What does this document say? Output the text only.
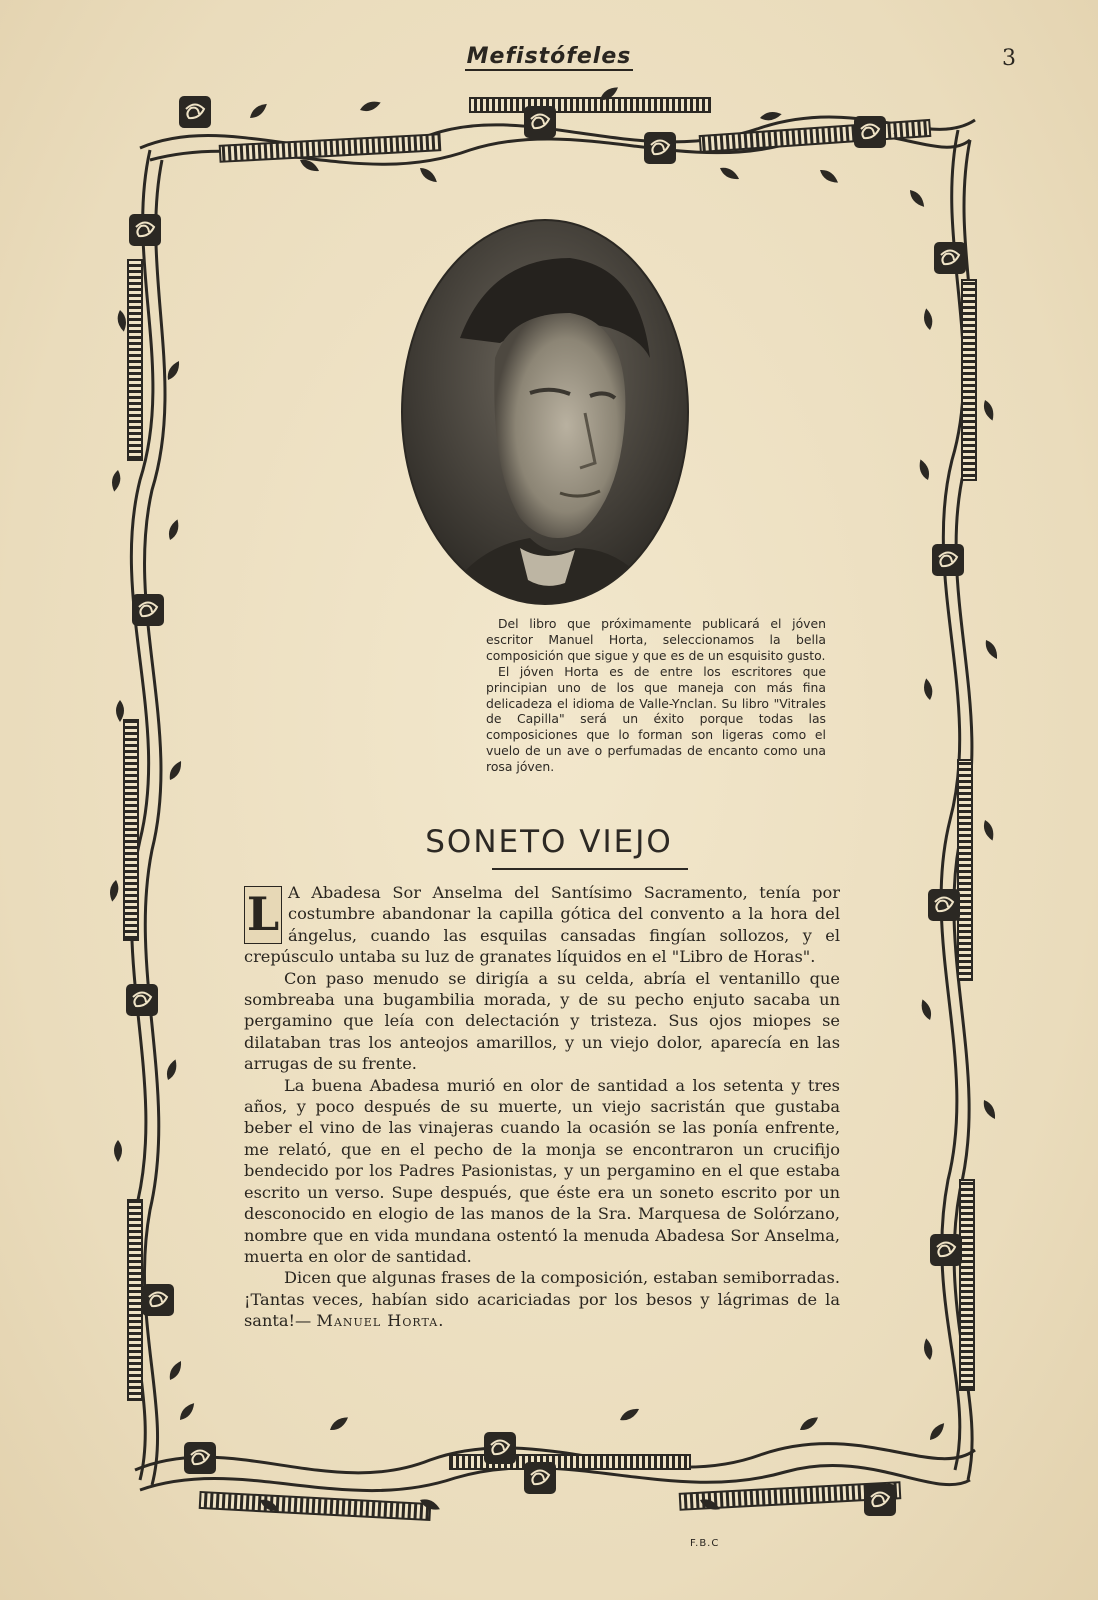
Mefistófeles	3

Del libro que próximamente publicará el jóven escritor Manuel Horta, seleccionamos la bella composición que sigue y que es de un esquisito gusto.

El jóven Horta es de entre los escritores que principian uno de los que maneja con más fina delicadeza el idioma de Valle-Ynclan. Su libro "Vitrales de Capilla" será un éxito porque todas las composiciones que lo forman son ligeras como el vuelo de un ave o perfumadas de encanto como una rosa jóven.

SONETO VIEJO

L A Abadesa Sor Anselma del Santísimo Sacramento, tenía por costumbre abandonar la capilla gótica del convento a la hora del ángelus, cuando las esquilas cansadas fingían sollozos, y el crepúsculo untaba su luz de granates líquidos en el "Libro de Horas".

Con paso menudo se dirigía a su celda, abría el ventanillo que sombreaba una bugambilia morada, y de su pecho enjuto sacaba un pergamino que leía con delectación y tristeza. Sus ojos miopes se dilataban tras los anteojos amarillos, y un viejo dolor, aparecía en las arrugas de su frente.

La buena Abadesa murió en olor de santidad a los setenta y tres años, y poco después de su muerte, un viejo sacristán que gustaba beber el vino de las vinajeras cuando la ocasión se las ponía enfrente, me relató, que en el pecho de la monja se encontraron un crucifijo bendecido por los Padres Pasionistas, y un pergamino en el que estaba escrito un verso. Supe después, que éste era un soneto escrito por un desconocido en elogio de las manos de la Sra. Marquesa de Solórzano, nombre que en vida mundana ostentó la menuda Abadesa Sor Anselma, muerta en olor de santidad.

Dicen que algunas frases de la composición, estaban semiborradas. ¡Tantas veces, habían sido acariciadas por los besos y lágrimas de la santa!— Manuel Horta.

F.B.C
